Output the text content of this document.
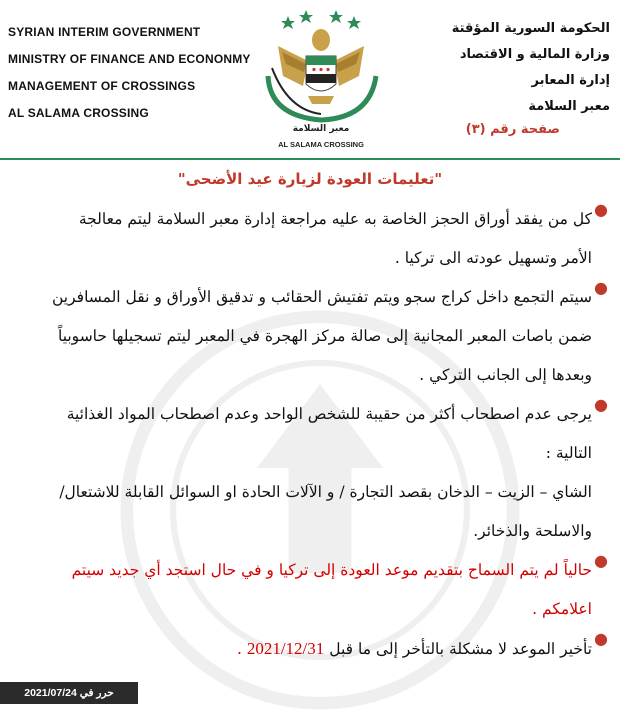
SYRIAN INTERIM GOVERNMENT
MINISTRY OF FINANCE AND ECONONMY
MANAGEMENT OF CROSSINGS
AL SALAMA CROSSING
الحكومة السورية المؤقتة
وزارة المالية و الاقتصاد
إدارة المعابر
معبر السلامة
صفحة رقم (٣)
معبر السلامة
AL SALAMA CROSSING
"تعليمات العودة لزيارة عيد الأضحى"
●
كل من يفقد أوراق الحجز الخاصة به عليه مراجعة إدارة معبر السلامة ليتم معالجة
الأمر وتسهيل عودته الى تركيا .
●
سيتم التجمع داخل كراج سجو ويتم تفتيش الحقائب و تدقيق الأوراق و نقل المسافرين
ضمن باصات المعبر المجانية إلى صالة مركز الهجرة في المعبر ليتم تسجيلها حاسوبياً
وبعدها إلى الجانب التركي .
●
يرجى عدم اصطحاب أكثر من حقيبة للشخص الواحد وعدم اصطحاب المواد الغذائية
التالية :
الشاي – الزيت – الدخان بقصد التجارة / و الآلات الحادة او السوائل القابلة للاشتعال/
والاسلحة والذخائر.
●
حالياً لم يتم السماح بتقديم موعد العودة إلى تركيا و في حال استجد أي جديد سيتم
اعلامكم .
●
تأخير الموعد لا مشكلة بالتأخر إلى ما قبل 2021/12/31 .
حرر في 2021/07/24
